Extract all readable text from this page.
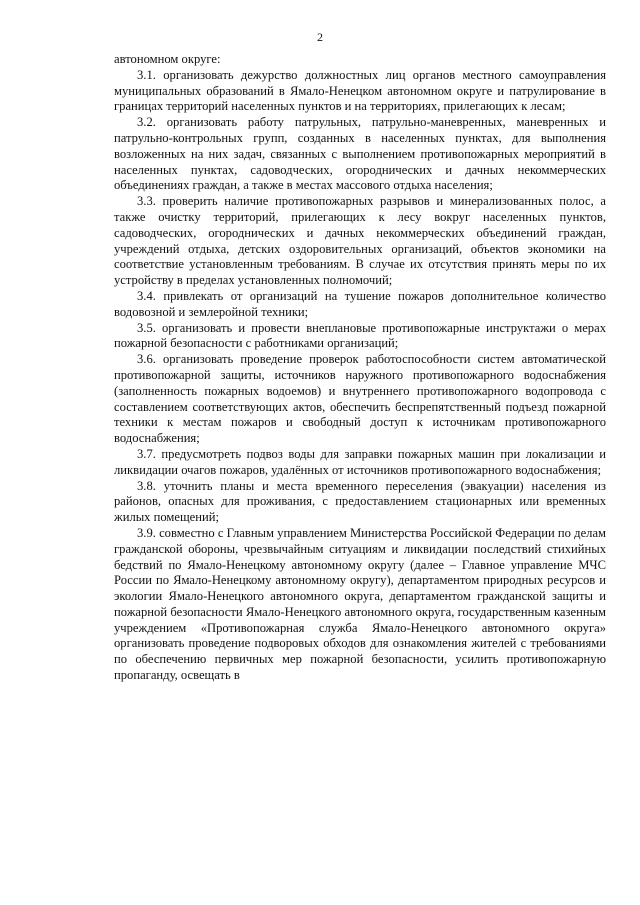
2

автономном округе:

3.1. организовать дежурство должностных лиц органов местного самоуправления муниципальных образований в Ямало-Ненецком автономном округе и патрулирование в границах территорий населенных пунктов и на территориях, прилегающих к лесам;

3.2. организовать работу патрульных, патрульно-маневренных, маневренных и патрульно-контрольных групп, созданных в населенных пунктах, для выполнения возложенных на них задач, связанных с выполнением противопожарных мероприятий в населенных пунктах, садоводческих, огороднических и дачных некоммерческих объединениях граждан, а также в местах массового отдыха населения;

3.3. проверить наличие противопожарных разрывов и минерализованных полос, а также очистку территорий, прилегающих к лесу вокруг населенных пунктов, садоводческих, огороднических и дачных некоммерческих объединений граждан, учреждений отдыха, детских оздоровительных организаций, объектов экономики на соответствие установленным требованиям. В случае их отсутствия принять меры по их устройству в пределах установленных полномочий;

3.4. привлекать от организаций на тушение пожаров дополнительное количество водовозной и землеройной техники;

3.5. организовать и провести внеплановые противопожарные инструктажи о мерах пожарной безопасности с работниками организаций;

3.6. организовать проведение проверок работоспособности систем автоматической противопожарной защиты, источников наружного противопожарного водоснабжения (заполненность пожарных водоемов) и внутреннего противопожарного водопровода с составлением соответствующих актов, обеспечить беспрепятственный подъезд пожарной техники к местам пожаров и свободный доступ к источникам противопожарного водоснабжения;

3.7. предусмотреть подвоз воды для заправки пожарных машин при локализации и ликвидации очагов пожаров, удалённых от источников противопожарного водоснабжения;

3.8. уточнить планы и места временного переселения (эвакуации) населения из районов, опасных для проживания, с предоставлением стационарных или временных жилых помещений;

3.9. совместно с Главным управлением Министерства Российской Федерации по делам гражданской обороны, чрезвычайным ситуациям и ликвидации последствий стихийных бедствий по Ямало-Ненецкому автономному округу (далее – Главное управление МЧС России по Ямало-Ненецкому автономному округу), департаментом природных ресурсов и экологии Ямало-Ненецкого автономного округа, департаментом гражданской защиты и пожарной безопасности Ямало-Ненецкого автономного округа, государственным казенным учреждением «Противопожарная служба Ямало-Ненецкого автономного округа» организовать проведение подворовых обходов для ознакомления жителей с требованиями по обеспечению первичных мер пожарной безопасности, усилить противопожарную пропаганду, освещать в
